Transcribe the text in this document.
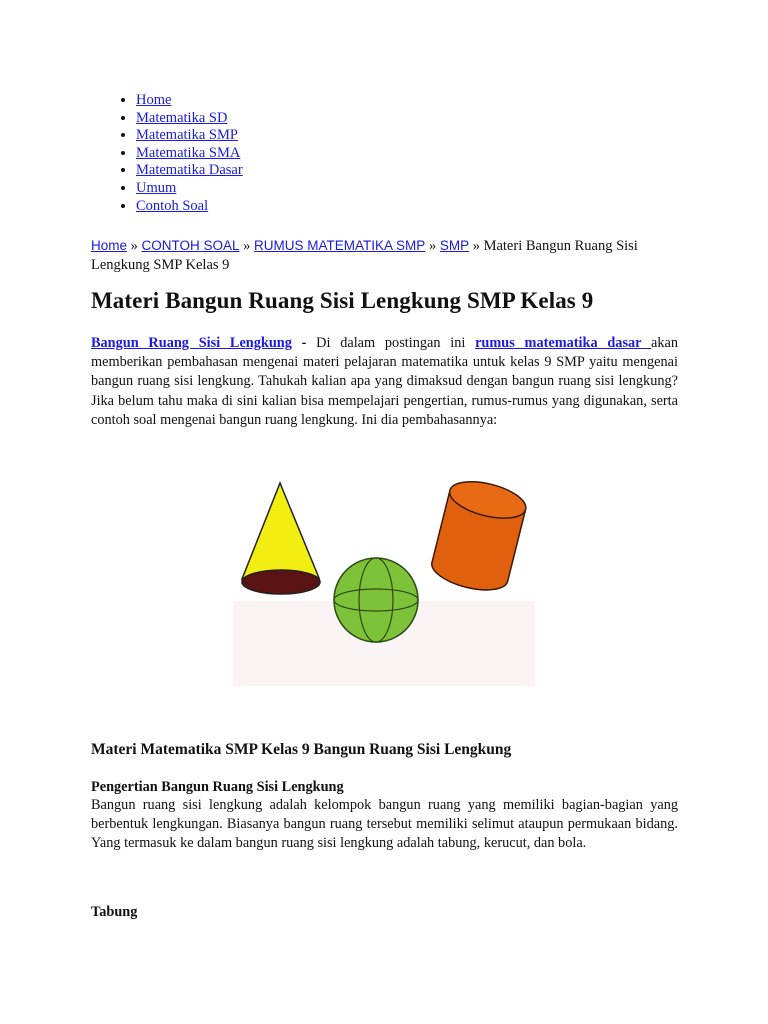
• Home
• Matematika SD
• Matematika SMP
• Matematika SMA
• Matematika Dasar
• Umum
• Contoh Soal
Home » CONTOH SOAL » RUMUS MATEMATIKA SMP » SMP » Materi Bangun Ruang Sisi Lengkung SMP Kelas 9
Materi Bangun Ruang Sisi Lengkung SMP Kelas 9

Bangun Ruang Sisi Lengkung - Di dalam postingan ini rumus matematika dasar akan memberikan pembahasan mengenai materi pelajaran matematika untuk kelas 9 SMP yaitu mengenai bangun ruang sisi lengkung. Tahukah kalian apa yang dimaksud dengan bangun ruang sisi lengkung? Jika belum tahu maka di sini kalian bisa mempelajari pengertian, rumus-rumus yang digunakan, serta contoh soal mengenai bangun ruang lengkung. Ini dia pembahasannya:

Materi Matematika SMP Kelas 9 Bangun Ruang Sisi Lengkung
Pengertian Bangun Ruang Sisi Lengkung

Bangun ruang sisi lengkung adalah kelompok bangun ruang yang memiliki bagian-bagian yang berbentuk lengkungan. Biasanya bangun ruang tersebut memiliki selimut ataupun permukaan bidang. Yang termasuk ke dalam bangun ruang sisi lengkung adalah tabung, kerucut, dan bola.

Tabung
